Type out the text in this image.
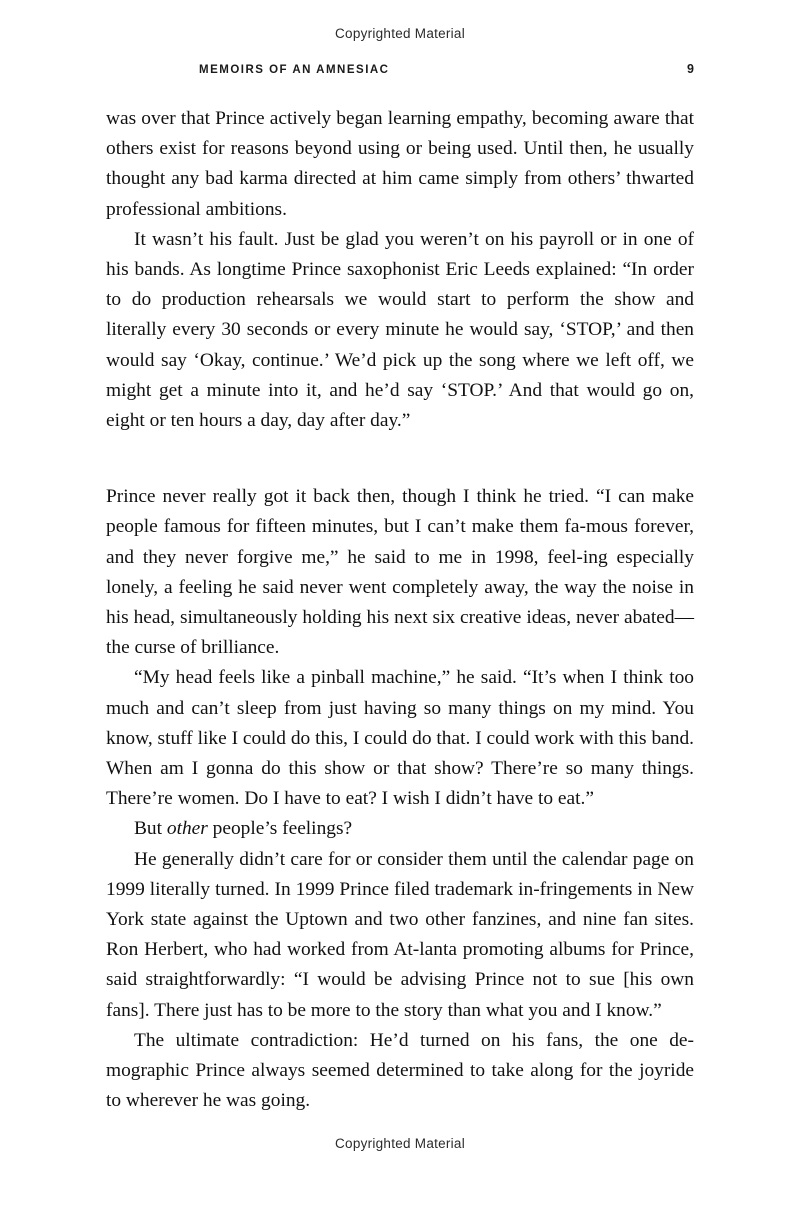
Copyrighted Material
MEMOIRS OF AN AMNESIAC	9

was over that Prince actively began learning empathy, becoming aware that others exist for reasons beyond using or being used. Until then, he usually thought any bad karma directed at him came simply from others’ thwarted professional ambitions.

It wasn’t his fault. Just be glad you weren’t on his payroll or in one of his bands. As longtime Prince saxophonist Eric Leeds explained: “In order to do production rehearsals we would start to perform the show and literally every 30 seconds or every minute he would say, ‘STOP,’ and then would say ‘Okay, continue.’ We’d pick up the song where we left off, we might get a minute into it, and he’d say ‘STOP.’ And that would go on, eight or ten hours a day, day after day.”

Prince never really got it back then, though I think he tried. “I can make people famous for fifteen minutes, but I can’t make them fa-mous forever, and they never forgive me,” he said to me in 1998, feel-ing especially lonely, a feeling he said never went completely away, the way the noise in his head, simultaneously holding his next six creative ideas, never abated—the curse of brilliance.

“My head feels like a pinball machine,” he said. “It’s when I think too much and can’t sleep from just having so many things on my mind. You know, stuff like I could do this, I could do that. I could work with this band. When am I gonna do this show or that show? There’re so many things. There’re women. Do I have to eat? I wish I didn’t have to eat.”

But other people’s feelings?

He generally didn’t care for or consider them until the calendar page on 1999 literally turned. In 1999 Prince filed trademark in-fringements in New York state against the Uptown and two other fanzines, and nine fan sites. Ron Herbert, who had worked from At-lanta promoting albums for Prince, said straightforwardly: “I would be advising Prince not to sue [his own fans]. There just has to be more to the story than what you and I know.”

The ultimate contradiction: He’d turned on his fans, the one de-mographic Prince always seemed determined to take along for the joyride to wherever he was going.

Copyrighted Material
